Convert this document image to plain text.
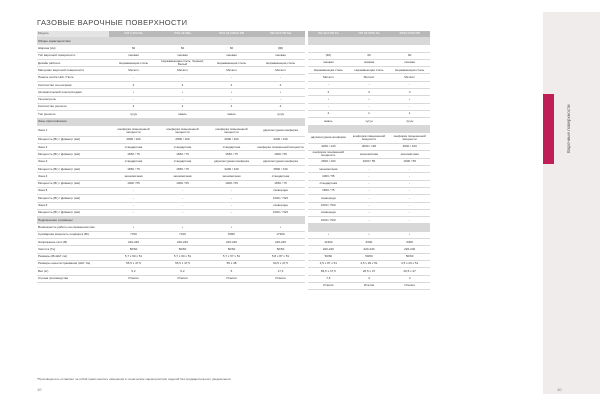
ГАЗОВЫЕ ВАРОЧНЫЕ ПОВЕРХНОСТИ
Модель	PM 4 Z02 Ma	PSS 4Z 0Ba	PH5 4Z 0200H PB	PM 4Z 0706 Ma
Общие характеристики				
Ширина (см)	60	60	60	(90)
Тип варочной поверхности	газовая	газовая	газовая	газовая
Дизайн рабочих	Нержавеющая сталь	Нержавеющая сталь; Черный, Белый	Нержавеющая сталь	Нержавеющая сталь
Материал варочной поверхности	Металл	Металл	Металл	Металл
Панель на the Hob / Поле	-	-	-	-
Количество зон нагрева	4	4	4	4
Автоматический электроподжиг	•	•	•	•
Газ-контроль	-	-	-	-
Количество решеток	4	4	4	4
Тип решеток	чугун	эмаль	эмаль	чугун
Зоны приготовления				
Зона 1	конфорка повышенной мощности	конфорка повышенной мощности	конфорка повышенной мощности	двухконтурная конфорка
Мощность (Вт) / Диаметр (мм)	2800 / 100	2800 / 100	2600 / 100	3200 / 130
Зона 2	стандартная	стандартная	стандартная	конфорка пониженной мощности
Мощность (Вт) / Диаметр (мм)	1650 / 75	1650 / 75	1650 / 75	1000 / 55
Зона 3	стандартная	стандартная	двухконтурная конфорка	двухконтурная конфорка
Мощность (Вт) / Диаметр (мм)	1650 / 75	1650 / 75	3200 / 130	3800 / 130
Зона 4	экономичная	экономичная	экономичная	стандартная
Мощность (Вт) / Диаметр (мм)	1000 / 55	1000 / 55	1000 / 55	1650 / 75
Зона 5	-	-	-	сковорода
Мощность (Вт) / Диаметр (мм)	-	-	-	1000 / 70/2
Зона 6	-	-	-	сковорода
Мощность (Вт) / Диаметр (мм)	-	-	-	1000 / 70/2
Подключение и размеры				
Возможность работы на сжиженном газе	•	•	•	•
Суммарная мощность конфорок (Вт)	7700	7100	8450	17300
Напряжение сети (В)	220-240	220-240	220-240	220-240
Частота (Гц)	50/60	50/60	50/60	50/60
Размеры (ВхШхГ см)	5,7 x 60 x 51	5,7 x 60 x 51	5,7 x 57 x 51	5,8 x 87 x 51
Размеры ниши встраивания (ШхГ см)	55,5 x 47,5	55,5 x 47,5	55 x 48	60,5 x 47,5
Вес (кг)	6,2	6,2	6	17,4
Страна производства	Италия	Италия	Италия	Италия
PD 4Z 0706 Pa	PM 4Z 0706 Pa	PD4Z 0706 PB

(90)	60	60
газовая	газовая	газовая
Нержавеющая сталь	Нержавеющая сталь	Нержавеющая сталь
Металл	Металл	Металл
-	-	-
4	3	4
•	•	•
-	-	-
4	1	1
эмаль	чугун	чугун

двухконтурная конфорка	конфорка повышенной мощности	конфорка повышенной мощности
3200 / 130	3000 / 130	2600 / 100
конфорка пониженной мощности	экономичная	экономичная
2600 / 100	1000 / 55	1000 / 55
экономичная	-	-
1000 / 55	-	-
стандартная	-	-
1650 / 75	-	-
сковорода	-	-
1000 / 70/2	-	-
сковорода	-	-
1000 / 70/2	-	-

•	•	•
11300	6300	6300
220-240	220-240	220-240
50/60	50/60	50/60
4,5 x 87 x 51	4,5 x 29 x 51	4,5 x 29 x 51
83,5 x 47,5	26,5 x 47	26,5 x 47
7,5	4	4
Италия	Италия	Италия
Варочные поверхности
*Производитель оставляет за собой право вносить изменения в технические характеристики изделий без предварительного уведомления.
10	10
